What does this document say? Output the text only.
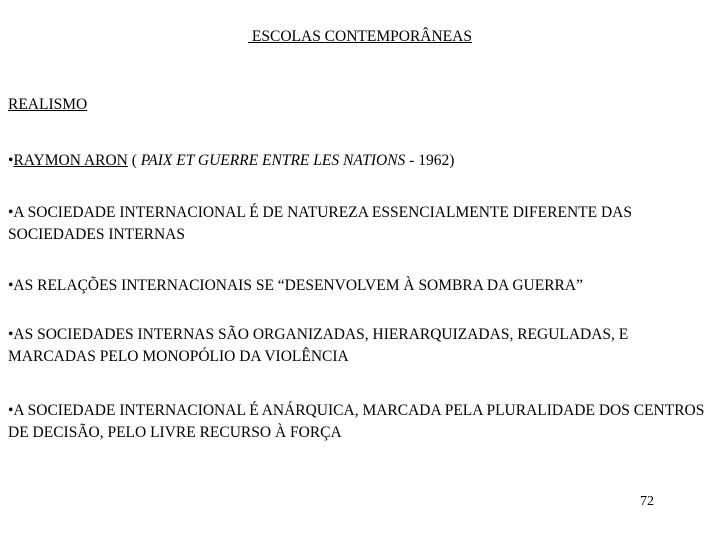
ESCOLAS CONTEMPORÂNEAS
REALISMO
•RAYMON ARON ( PAIX ET GUERRE ENTRE LES NATIONS - 1962)
•A SOCIEDADE INTERNACIONAL É DE NATUREZA ESSENCIALMENTE DIFERENTE DAS SOCIEDADES INTERNAS
•AS RELAÇÕES INTERNACIONAIS SE “DESENVOLVEM À SOMBRA DA GUERRA”
•AS SOCIEDADES INTERNAS SÃO ORGANIZADAS, HIERARQUIZADAS, REGULADAS, E MARCADAS PELO MONOPÓLIO DA VIOLÊNCIA
•A SOCIEDADE INTERNACIONAL É ANÁRQUICA, MARCADA PELA PLURALIDADE DOS CENTROS DE DECISÃO, PELO LIVRE RECURSO À FORÇA
72
